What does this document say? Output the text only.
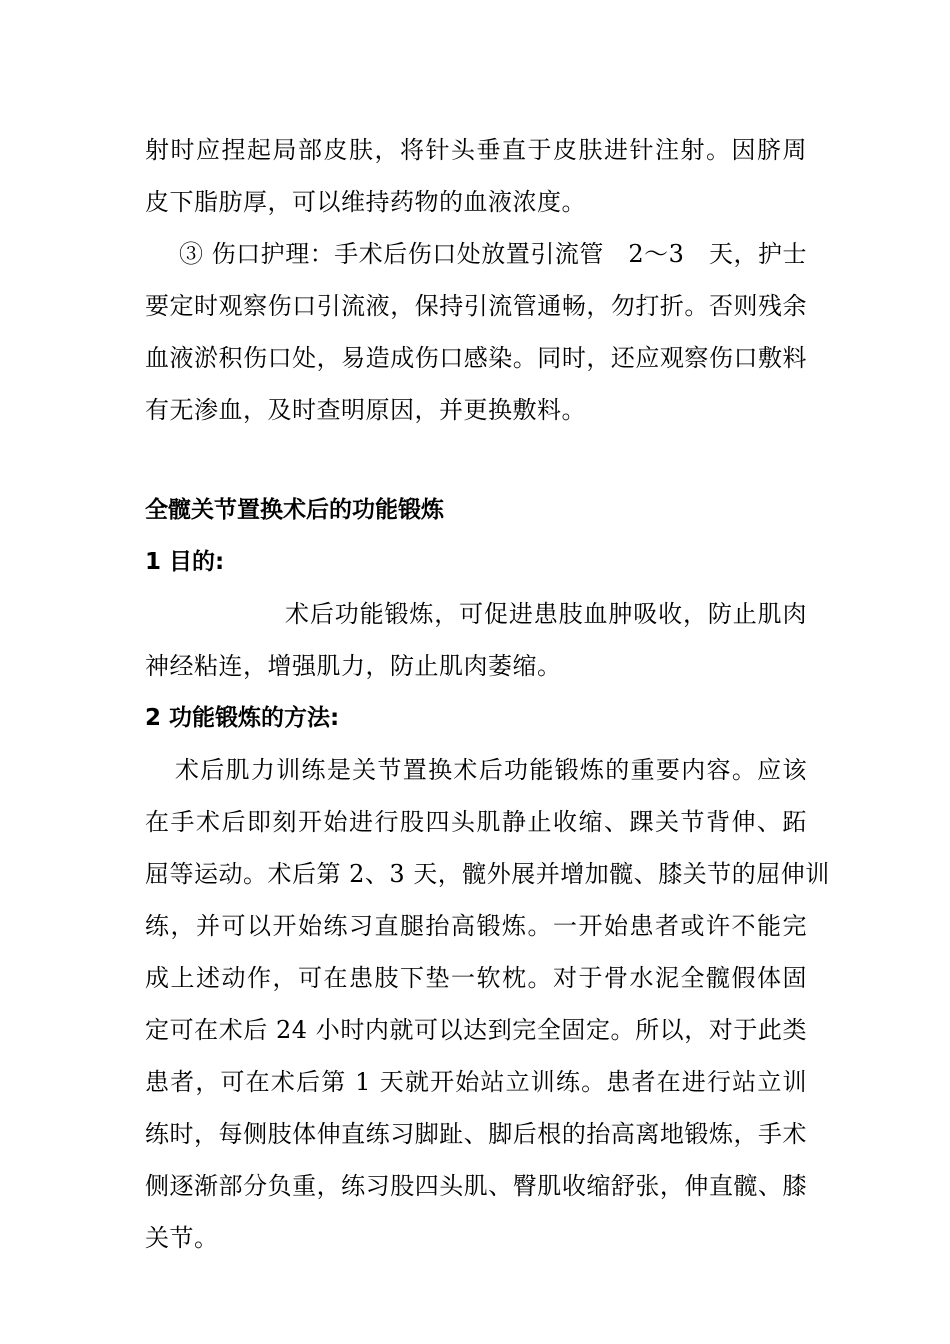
射时应捏起局部皮肤，将针头垂直于皮肤进针注射。因脐周
皮下脂肪厚，可以维持药物的血液浓度。
③ 伤口护理：手术后伤口处放置引流管　2～3　天，护士
要定时观察伤口引流液，保持引流管通畅，勿打折。否则残余
血液淤积伤口处，易造成伤口感染。同时，还应观察伤口敷料
有无渗血，及时查明原因，并更换敷料。
全髋关节置换术后的功能锻炼
1 目的:
术后功能锻炼，可促进患肢血肿吸收，防止肌肉
神经粘连，增强肌力，防止肌肉萎缩。
2 功能锻炼的方法:
术后肌力训练是关节置换术后功能锻炼的重要内容。应该
在手术后即刻开始进行股四头肌静止收缩、踝关节背伸、跖
屈等运动。术后第 2、3 天，髋外展并增加髋、膝关节的屈伸训
练，并可以开始练习直腿抬高锻炼。一开始患者或许不能完
成上述动作，可在患肢下垫一软枕。对于骨水泥全髋假体固
定可在术后 24 小时内就可以达到完全固定。所以，对于此类
患者，可在术后第 1 天就开始站立训练。患者在进行站立训
练时，每侧肢体伸直练习脚趾、脚后根的抬高离地锻炼，手术
侧逐渐部分负重，练习股四头肌、臀肌收缩舒张，伸直髋、膝
关节。
